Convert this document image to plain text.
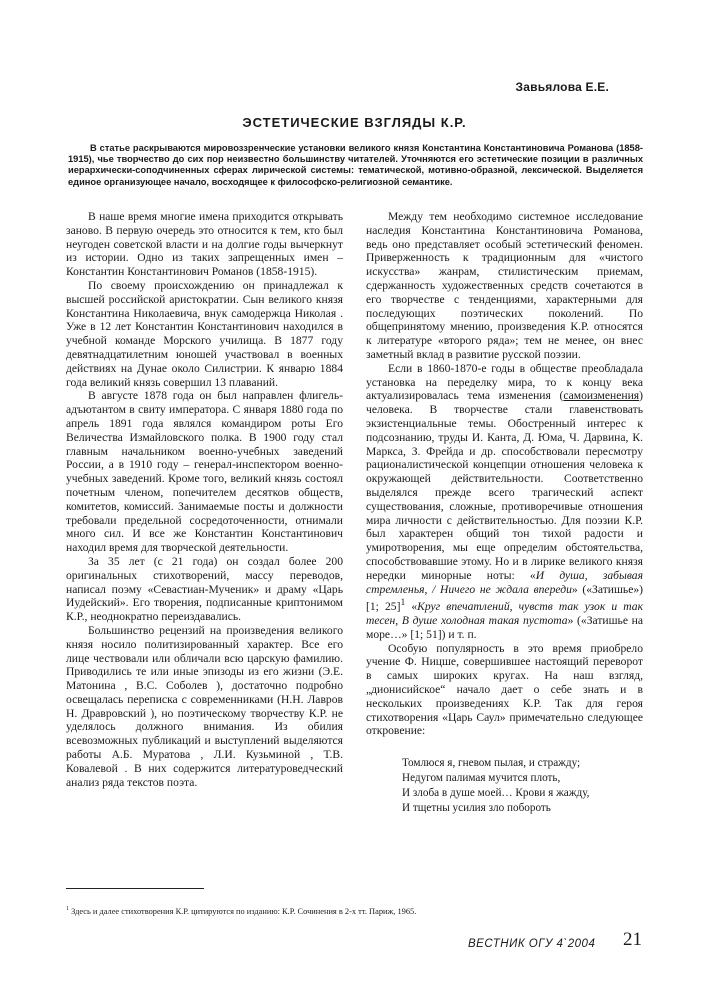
Завьялова Е.Е.
ЭСТЕТИЧЕСКИЕ ВЗГЛЯДЫ К.Р.
В статье раскрываются мировоззренческие установки великого князя Константина Константиновича Романова (1858-1915), чье творчество до сих пор неизвестно большинству читателей. Уточняются его эстетические позиции в различных иерархически-соподчиненных сферах лирической системы: тематической, мотивно-образной, лексической. Выделяется единое организующее начало, восходящее к философско-религиозной семантике.

В наше время многие имена приходится открывать заново. В первую очередь это относится к тем, кто был неугоден советской власти и на долгие годы вычеркнут из истории. Одно из таких запрещенных имен – Константин Константинович Романов (1858-1915).

По своему происхождению он принадлежал к высшей российской аристократии. Сын великого князя Константина Николаевича, внук самодержца Николая . Уже в 12 лет Константин Константинович находился в учебной команде Морского училища. В 1877 году девятнадцатилетним юношей участвовал в военных действиях на Дунае около Силистрии. К январю 1884 года великий князь совершил 13 плаваний.

В августе 1878 года он был направлен флигель-адъютантом в свиту императора. С января 1880 года по апрель 1891 года являлся командиром роты Его Величества Измайловского полка. В 1900 году стал главным начальником военно-учебных заведений России, а в 1910 году – генерал-инспектором военно-учебных заведений. Кроме того, великий князь состоял почетным членом, попечителем десятков обществ, комитетов, комиссий. Занимаемые посты и должности требовали предельной сосредоточенности, отнимали много сил. И все же Константин Константинович находил время для творческой деятельности.

За 35 лет (с 21 года) он создал более 200 оригинальных стихотворений, массу переводов, написал поэму «Севастиан-Мученик» и драму «Царь Иудейский». Его творения, подписанные криптонимом К.Р., неоднократно переиздавались.

Большинство рецензий на произведения великого князя носило политизированный характер. Все его лице чествовали или обличали всю царскую фамилию. Приводились те или иные эпизоды из его жизни (Э.Е. Матонина , В.С. Соболев ), достаточно подробно освещалась переписка с современниками (Н.Н. Лавров Н. Дравровский ), но поэтическому творчеству К.Р. не уделялось должного внимания. Из обилия всевозможных публикаций и выступлений выделяются работы А.Б. Муратова , Л.И. Кузьминой , Т.В. Ковалевой . В них содержится литературоведческий анализ ряда текстов поэта.

Между тем необходимо системное исследование наследия Константина Константиновича Романова, ведь оно представляет особый эстетический феномен. Приверженность к традиционным для «чистого искусства» жанрам, стилистическим приемам, сдержанность художественных средств сочетаются в его творчестве с тенденциями, характерными для последующих поэтических поколений. По общепринятому мнению, произведения К.Р. относятся к литературе «второго ряда»; тем не менее, он внес заметный вклад в развитие русской поэзии.

Если в 1860-1870-е годы в обществе преобладала установка на переделку мира, то к концу века актуализировалась тема изменения (самоизменения) человека. В творчестве стали главенствовать экзистенциальные темы. Обостренный интерес к подсознанию, труды И. Канта, Д. Юма, Ч. Дарвина, К. Маркса, З. Фрейда и др. способствовали пересмотру рационалистической концепции отношения человека к окружающей действительности. Соответственно выделялся прежде всего трагический аспект существования, сложные, противоречивые отношения мира личности с действительностью. Для поэзии К.Р. был характерен общий тон тихой радости и умиротворения, мы еще определим обстоятельства, способствовавшие этому. Но и в лирике великого князя нередки минорные ноты: «И душа, забывая стремленья, / Ничего не ждала впереди» («Затишье») [1; 25]$^1$ «Круг впечатлений, чувств так узок и так тесен, В душе холодная такая пустота» («Затишье на море…» [1; 51]) и т. п.

Особую популярность в это время приобрело учение Ф. Ницше, совершившее настоящий переворот в самых широких кругах. На наш взгляд, „дионисийское“ начало дает о себе знать и в нескольких произведениях К.Р. Так для героя стихотворения «Царь Саул» примечательно следующее откровение:

Томлюся я, гневом пылая, и стражду;
Недугом палимая мучится плоть,
И злоба в душе моей… Крови я жажду,
И тщетны усилия зло побороть
$^1$ Здесь и далее стихотворения К.Р. цитируются по изданию: К.Р. Сочинения в 2-х тт. Париж, 1965.
ВЕСТНИК ОГУ 4`2004 21
